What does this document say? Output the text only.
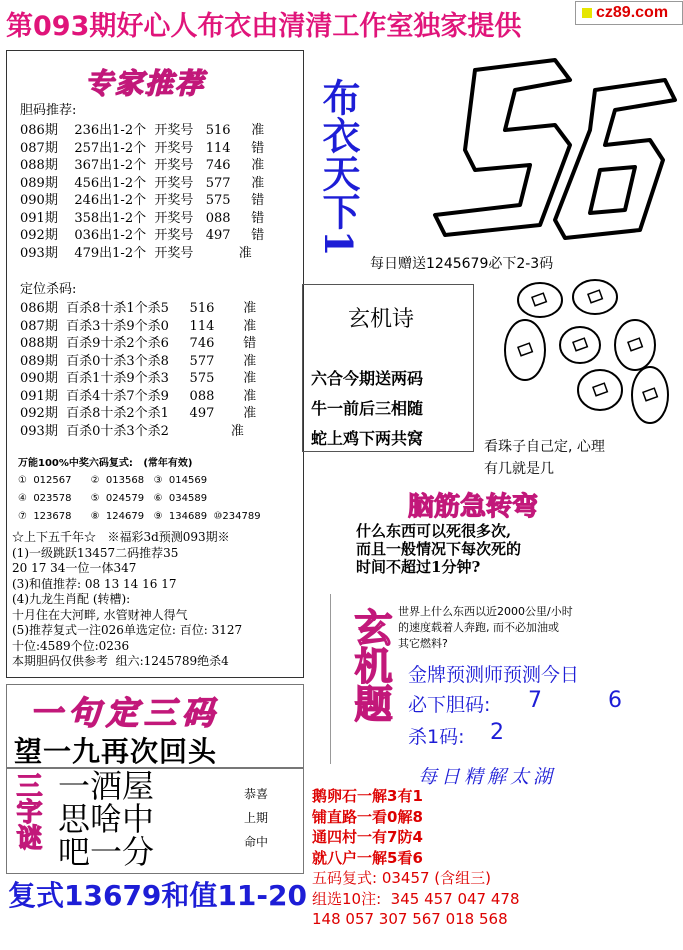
第093期好心人布衣由清清工作室独家提供	cz89.com
专家推荐
胆码推荐:
086期    236出1-2个  开奖号   516     准
087期    257出1-2个  开奖号   114     错
088期    367出1-2个  开奖号   746     准
089期    456出1-2个  开奖号   577     准
090期    246出1-2个  开奖号   575     错
091期    358出1-2个  开奖号   088     错
092期    036出1-2个  开奖号   497     错
093期    479出1-2个  开奖号           准
定位杀码:
086期  百杀8十杀1个杀5     516       准
087期  百杀3十杀9个杀0     114       准
088期  百杀9十杀2个杀6     746       错
089期  百杀0十杀3个杀8     577       准
090期  百杀1十杀9个杀3     575       准
091期  百杀4十杀7个杀9     088       准
092期  百杀8十杀2个杀1     497       准
093期  百杀0十杀3个杀2               准
万能100%中奖六码复式:   (常年有效)
①  012567      ②  013568   ③  014569
④  023578      ⑤  024579   ⑥  034589
⑦  123678      ⑧  124679   ⑨  134689  ⑩234789
☆上下五千年☆   ※福彩3d预测093期※
(1)一级跳跃13457二码推荐35
20 17 34一位一体347
(3)和值推荐: 08 13 14 16 17
(4)九龙生肖配 (转槽):
十月住在大河畔, 水管财神人得气
(5)推荐复式一注026单选定位: 百位: 3127
十位:4589个位:0236
本期胆码仅供参考  组六:1245789绝杀4
布衣天下1
每日赠送1245679必下2-3码
玄机诗
六合今期送两码
牛一前后三相随
蛇上鸡下两共窝	看珠子自己定, 心理
有几就是几
脑筋急转弯
什么东西可以死很多次,
而且一般情况下每次死的
时间不超过1分钟?
玄机题 世界上什么东西以近2000公里/小时
的速度载着人奔跑, 而不必加油或
其它燃料?
金牌预测师预测今日
必下胆码: 7	6
杀1码: 2
每日精解太湖
一句定三码
望一九再次回头
三字谜 一酒屋
思啥中
吧一分
恭喜
上期
命中
复式13679和值11-20
鹅卵石一解3有1
铺直路一看0解8
通四村一有7防4
就八户一解5看6
五码复式: 03457 (含组三)
组选10注:  345 457 047 478
148 057 307 567 018 568
